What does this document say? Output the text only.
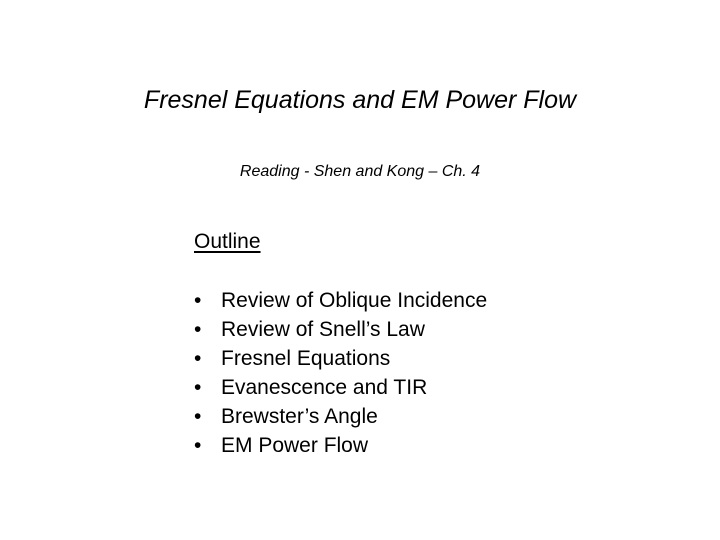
Fresnel Equations and EM Power Flow
Reading - Shen and Kong – Ch. 4
Outline
• Review of Oblique Incidence
• Review of Snell’s Law
• Fresnel Equations
• Evanescence and TIR
• Brewster’s Angle
• EM Power Flow
